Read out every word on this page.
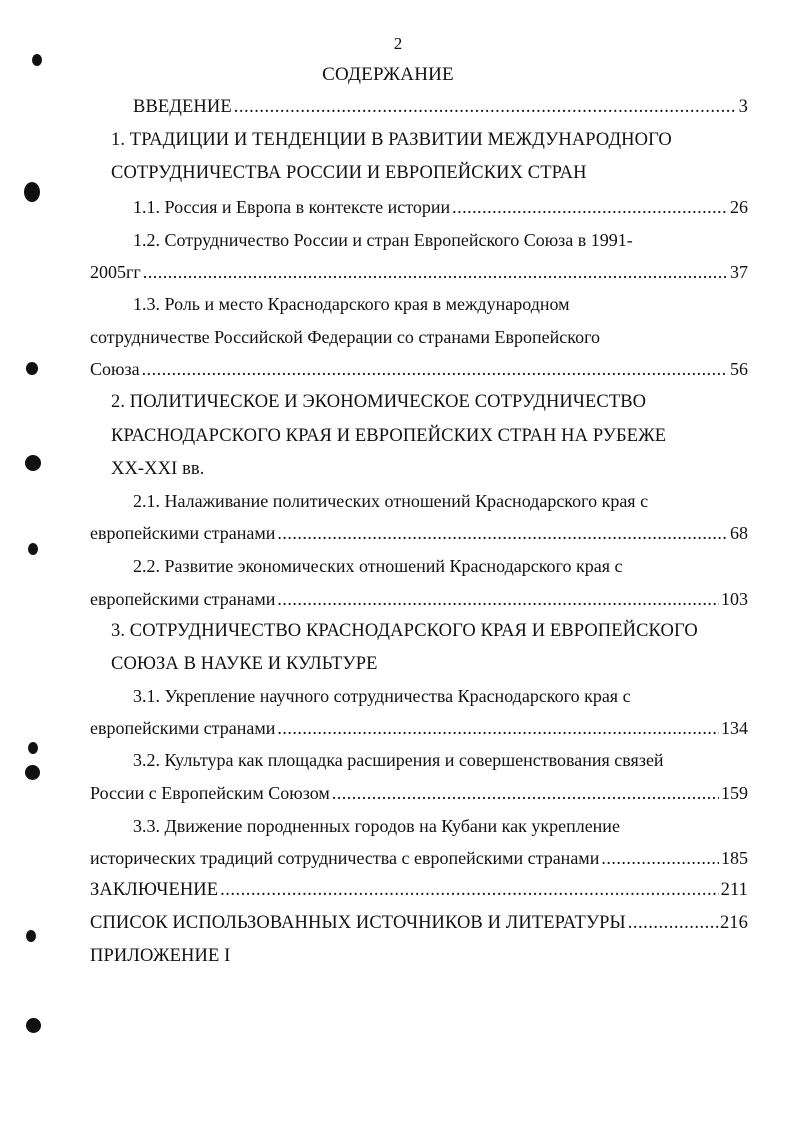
2
СОДЕРЖАНИЕ
ВВЕДЕНИЕ .....	3
1. ТРАДИЦИИ И ТЕНДЕНЦИИ В РАЗВИТИИ МЕЖДУНАРОДНОГО
СОТРУДНИЧЕСТВА РОССИИ И ЕВРОПЕЙСКИХ СТРАН
1.1. Россия и Европа в контексте истории .....	26
1.2. Сотрудничество России и стран Европейского Союза в 1991-
2005гг .....	37
1.3. Роль и место Краснодарского края в международном
сотрудничестве Российской Федерации со странами Европейского
Союза .....	56
2. ПОЛИТИЧЕСКОЕ И ЭКОНОМИЧЕСКОЕ СОТРУДНИЧЕСТВО
КРАСНОДАРСКОГО КРАЯ И ЕВРОПЕЙСКИХ СТРАН НА РУБЕЖЕ
XX-XXI вв.
2.1. Налаживание политических отношений Краснодарского края с
европейскими странами .....	68
2.2. Развитие экономических отношений Краснодарского края с
европейскими странами .....	103
3. СОТРУДНИЧЕСТВО КРАСНОДАРСКОГО КРАЯ И ЕВРОПЕЙСКОГО
СОЮЗА В НАУКЕ И КУЛЬТУРЕ
3.1. Укрепление научного сотрудничества Краснодарского края с
европейскими странами .....	134
3.2. Культура как площадка расширения и совершенствования связей
России с Европейским Союзом .....	159
3.3. Движение породненных городов на Кубани как укрепление
исторических традиций сотрудничества с европейскими странами .....	185
ЗАКЛЮЧЕНИЕ .....	211
СПИСОК ИСПОЛЬЗОВАННЫХ ИСТОЧНИКОВ И ЛИТЕРАТУРЫ .....	216
ПРИЛОЖЕНИЕ I
